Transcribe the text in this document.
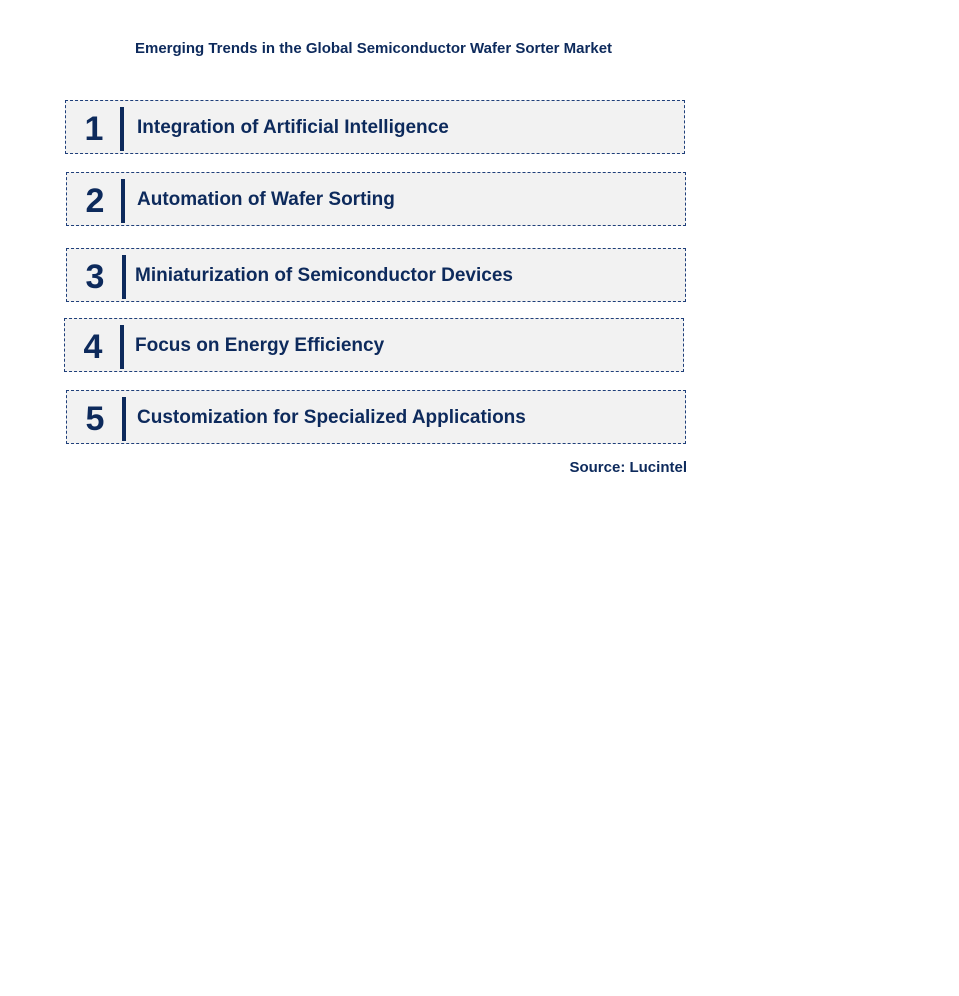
Emerging Trends in the Global Semiconductor Wafer Sorter Market
1	Integration of Artificial Intelligence
2	Automation of Wafer Sorting
3	Miniaturization of Semiconductor Devices
4	Focus on Energy Efficiency
5	Customization for Specialized Applications
Source: Lucintel
